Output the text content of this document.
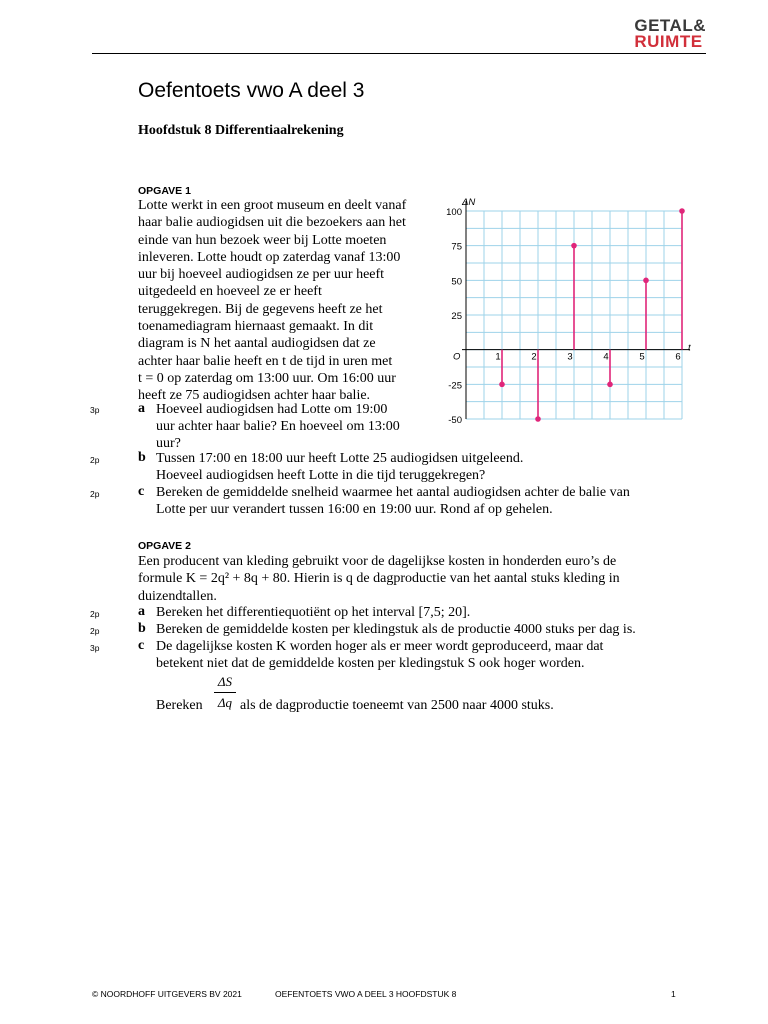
GETAL&
RUIMTE
Oefentoets vwo A deel 3
Hoofdstuk 8 Differentiaalrekening
OPGAVE 1
Lotte werkt in een groot museum en deelt vanaf
haar balie audiogidsen uit die bezoekers aan het
einde van hun bezoek weer bij Lotte moeten
inleveren. Lotte houdt op zaterdag vanaf 13:00
uur bij hoeveel audiogidsen ze per uur heeft
uitgedeeld en hoeveel ze er heeft
teruggekregen. Bij de gegevens heeft ze het
toenamediagram hiernaast gemaakt. In dit
diagram is N het aantal audiogidsen dat ze
achter haar balie heeft en t de tijd in uren met
t = 0 op zaterdag om 13:00 uur. Om 16:00 uur
heeft ze 75 audiogidsen achter haar balie.
3p	a Hoeveel audiogidsen had Lotte om 19:00
uur achter haar balie? En hoeveel om 13:00
uur?
2p	b Tussen 17:00 en 18:00 uur heeft Lotte 25 audiogidsen uitgeleend.
Hoeveel audiogidsen heeft Lotte in die tijd teruggekregen?
2p	c Bereken de gemiddelde snelheid waarmee het aantal audiogidsen achter de balie van
Lotte per uur verandert tussen 16:00 en 19:00 uur. Rond af op gehelen.
100
75
50
25
-25
-50
1	2	3	4	5	6
O
ΔN
t
OPGAVE 2
Een producent van kleding gebruikt voor de dagelijkse kosten in honderden euro’s de
formule K = 2q² + 8q + 80. Hierin is q de dagproductie van het aantal stuks kleding in
duizendtallen.
2p	a Bereken het differentiequotiënt op het interval [7,5; 20].
2p	b Bereken de gemiddelde kosten per kledingstuk als de productie 4000 stuks per dag is.
3p	c De dagelijkse kosten K worden hoger als er meer wordt geproduceerd, maar dat
betekent niet dat de gemiddelde kosten per kledingstuk S ook hoger worden.
Bereken $\frac{\Delta S}{\Delta q}$ als de dagproductie toeneemt van 2500 naar 4000 stuks.
© NOORDHOFF UITGEVERS BV 2021	OEFENTOETS VWO A DEEL 3 HOOFDSTUK 8	1
